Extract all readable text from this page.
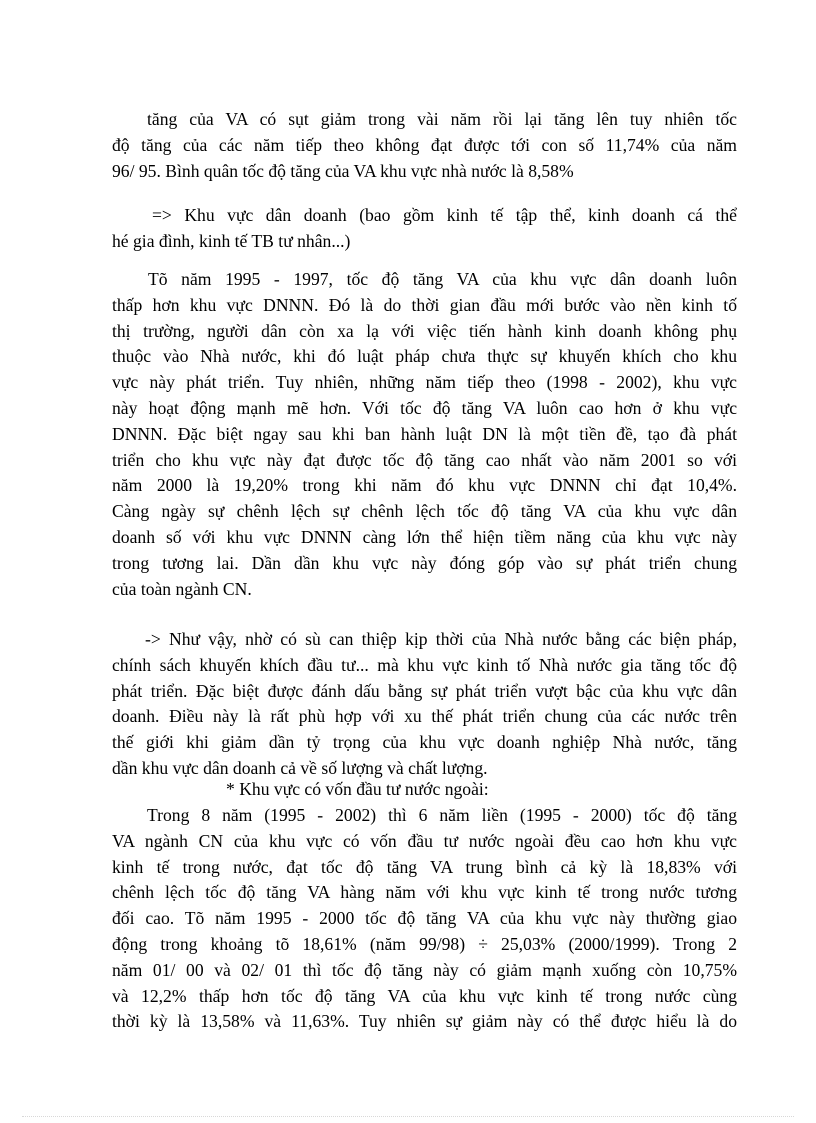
tăng của VA có sụt giảm trong vài năm rồi lại tăng lên tuy nhiên tốc
độ tăng của các năm tiếp theo không đạt được tới con số 11,74% của năm
96/ 95. Bình quân tốc độ tăng của VA khu vực nhà nước là 8,58%
=> Khu vực dân doanh (bao gồm kinh tế tập thể, kinh doanh cá thể
hé gia đình, kinh tế TB tư nhân...)
Tõ năm 1995 - 1997, tốc độ tăng VA của khu vực dân doanh luôn
thấp hơn khu vực DNNN. Đó là do thời gian đầu mới bước vào nền kinh tố
thị trường, người dân còn xa lạ với việc tiến hành kinh doanh không phụ
thuộc vào Nhà nước, khi đó luật pháp chưa thực sự khuyến khích cho khu
vực này phát triển. Tuy nhiên, những năm tiếp theo (1998 - 2002), khu vực
này hoạt động mạnh mẽ hơn. Với tốc độ tăng VA luôn cao hơn ở khu vực
DNNN. Đặc biệt ngay sau khi ban hành luật DN là một tiền đề, tạo đà phát
triển cho khu vực này đạt được tốc độ tăng cao nhất vào năm 2001 so với
năm 2000 là 19,20% trong khi năm đó khu vực DNNN chỉ đạt 10,4%.
Càng ngày sự chênh lệch sự chênh lệch tốc độ tăng VA của khu vực dân
doanh số với khu vực DNNN càng lớn thể hiện tiềm năng của khu vực này
trong tương lai. Dần dần khu vực này đóng góp vào sự phát triển chung
của toàn ngành CN.
-> Như vậy, nhờ có sù can thiệp kịp thời của Nhà nước bằng các biện pháp,
chính sách khuyến khích đầu tư... mà khu vực kinh tố Nhà nước gia tăng tốc độ
phát triển. Đặc biệt được đánh dấu bằng sự phát triển vượt bậc của khu vực dân
doanh. Điều này là rất phù hợp với xu thế phát triển chung của các nước trên
thế giới khi giảm dần tỷ trọng của khu vực doanh nghiệp Nhà nước, tăng
dần khu vực dân doanh cả về số lượng và chất lượng.
* Khu vực có vốn đầu tư nước ngoài:
Trong 8 năm (1995 - 2002) thì 6 năm liền (1995 - 2000) tốc độ tăng
VA ngành CN của khu vực có vốn đầu tư nước ngoài đều cao hơn khu vực
kinh tế trong nước, đạt tốc độ tăng VA trung bình cả kỳ là 18,83% với
chênh lệch tốc độ tăng VA hàng năm với khu vực kinh tế trong nước tương
đối cao. Tõ năm 1995 - 2000 tốc độ tăng VA của khu vực này thường giao
động trong khoảng tõ 18,61% (năm 99/98) ÷ 25,03% (2000/1999). Trong 2
năm 01/ 00 và 02/ 01 thì tốc độ tăng này có giảm mạnh xuống còn 10,75%
và 12,2% thấp hơn tốc độ tăng VA của khu vực kinh tế trong nước cùng
thời kỳ là 13,58% và 11,63%. Tuy nhiên sự giảm này có thể được hiểu là do
